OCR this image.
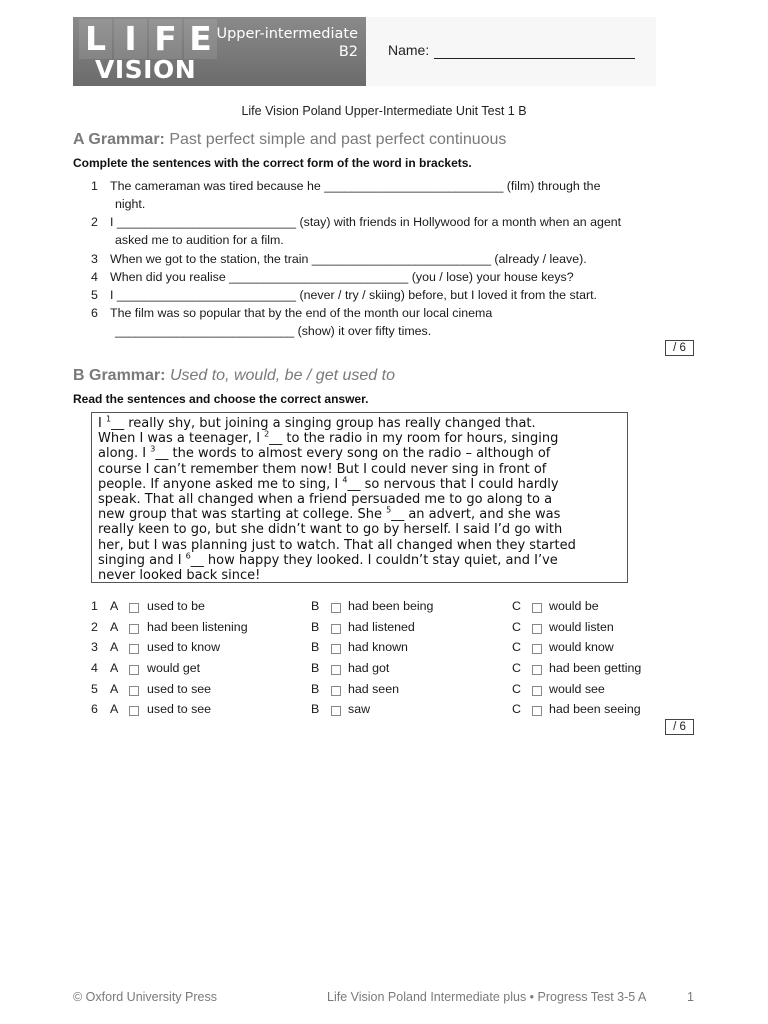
L I F E
VISION
Upper-intermediate
B2 Name:
Life Vision Poland Upper-Intermediate Unit Test 1 B
A Grammar: Past perfect simple and past perfect continuous
Complete the sentences with the correct form of the word in brackets.
1 The cameraman was tired because he __________________________ (film) through the
night.
2 I __________________________ (stay) with friends in Hollywood for a month when an agent
asked me to audition for a film.
3 When we got to the station, the train __________________________ (already / leave).
4 When did you realise __________________________ (you / lose) your house keys?
5 I __________________________ (never / try / skiing) before, but I loved it from the start.
6 The film was so popular that by the end of the month our local cinema
__________________________ (show) it over fifty times.
/ 6
B Grammar: Used to, would, be / get used to
Read the sentences and choose the correct answer.
I $^1$__ really shy, but joining a singing group has really changed that.
When I was a teenager, I $^2$__ to the radio in my room for hours, singing
along. I $^3$__ the words to almost every song on the radio – although of
course I can’t remember them now! But I could never sing in front of
people. If anyone asked me to sing, I $^4$__ so nervous that I could hardly
speak. That all changed when a friend persuaded me to go along to a
new group that was starting at college. She $^5$__ an advert, and she was
really keen to go, but she didn’t want to go by herself. I said I’d go with
her, but I was planning just to watch. That all changed when they started
singing and I $^6$__ how happy they looked. I couldn’t stay quiet, and I’ve
never looked back since!
1 A used to be	B had been being	C would be
2 A had been listening	B had listened	C would listen
3 A used to know	B had known	C would know
4 A would get	B had got	C had been getting
5 A used to see	B had seen	C would see
6 A used to see	B saw	C had been seeing
/ 6
© Oxford University Press	Life Vision Poland Intermediate plus • Progress Test 3-5 A	1
